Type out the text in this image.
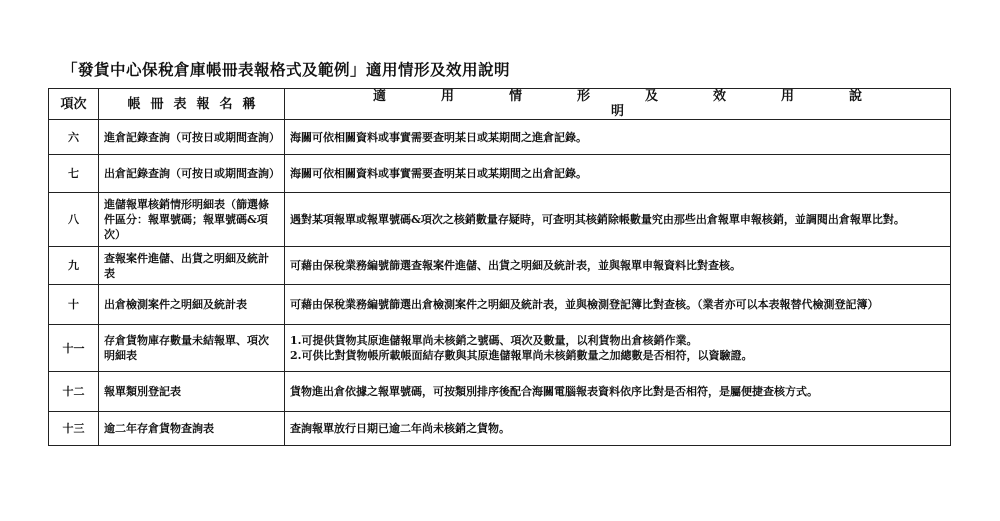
「發貨中心保稅倉庫帳冊表報格式及範例」適用情形及效用說明
項次	帳冊表報名稱	適用情形及效用說明
六	進倉記錄查詢（可按日或期間查詢）	海關可依相關資料或事實需要查明某日或某期間之進倉記錄。

七	出倉記錄查詢（可按日或期間查詢）	海關可依相關資料或事實需要查明某日或某期間之出倉記錄。

八	進儲報單核銷情形明細表（篩選條件區分：報單號碼；報單號碼&項次）	遇對某項報單或報單號碼&項次之核銷數量存疑時，可查明其核銷除帳數量究由那些出倉報單申報核銷，並調閱出倉報單比對。

九	查報案件進儲、出貨之明細及統計表	可藉由保稅業務編號篩選查報案件進儲、出貨之明細及統計表，並與報單申報資料比對查核。

十	出倉檢測案件之明細及統計表	可藉由保稅業務編號篩選出倉檢測案件之明細及統計表，並與檢測登記簿比對查核。（業者亦可以本表報替代檢測登記簿）

十一	存倉貨物庫存數量未結報單、項次明細表	1.可提供貨物其原進儲報單尚未核銷之號碼、項次及數量，以利貨物出倉核銷作業。
2.可供比對貨物帳所載帳面結存數與其原進儲報單尚未核銷數量之加總數是否相符，以資驗證。

十二	報單類別登記表	貨物進出倉依據之報單號碼，可按類別排序後配合海關電腦報表資料依序比對是否相符，是屬便捷查核方式。

十三	逾二年存倉貨物查詢表	查詢報單放行日期已逾二年尚未核銷之貨物。
